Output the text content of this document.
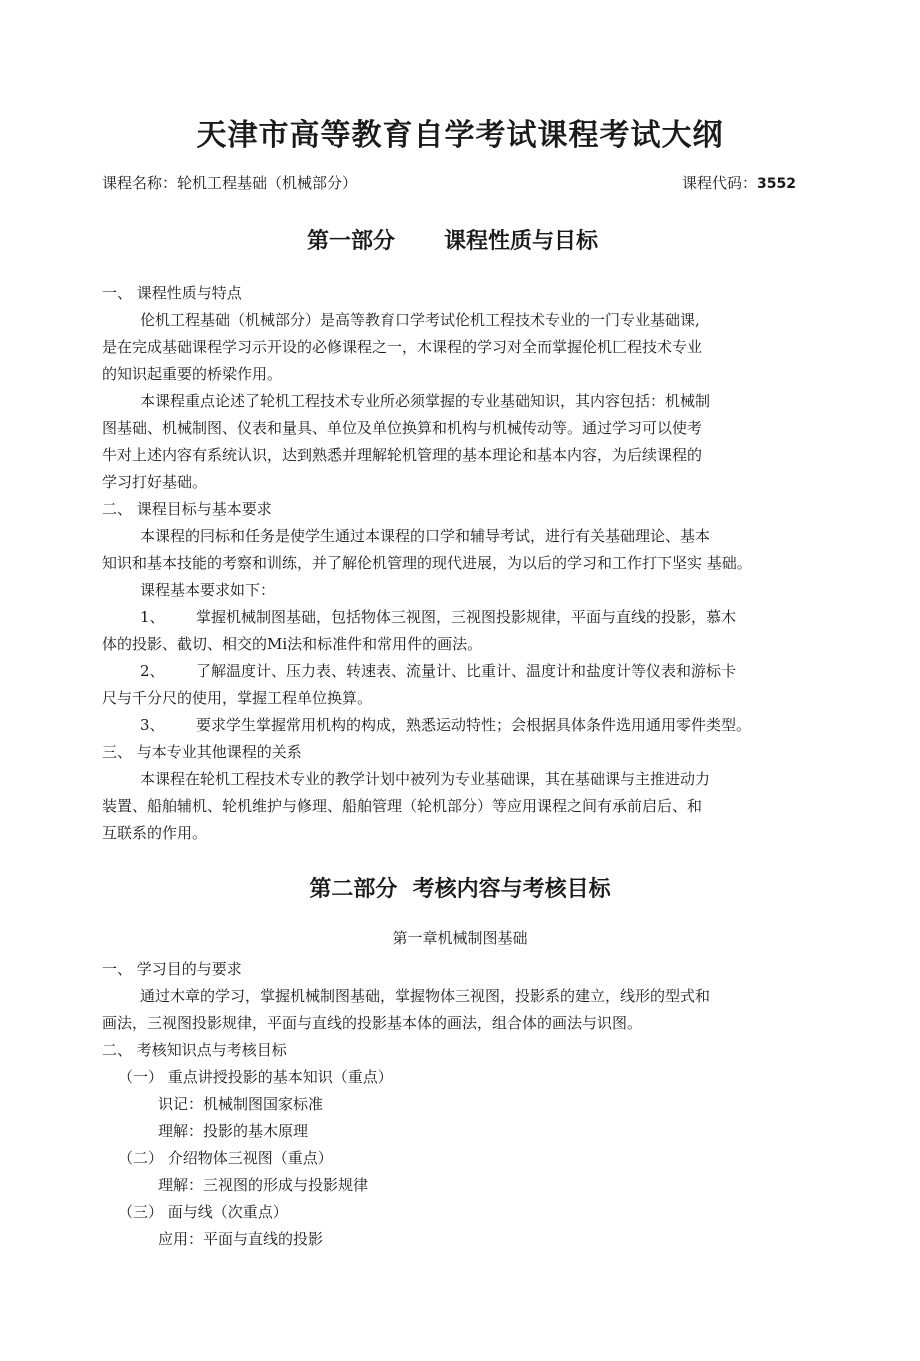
天津市高等教育自学考试课程考试大纲
课程名称：轮机工程基础（机械部分）	课程代码：3552
第一部分 课程性质与目标
一、 课程性质与特点
伦机工程基础（机械部分）是高等教育口学考试伦机工程技术专业的一门专业基础课,
是在完成基础课程学习示开设的必修课程之一，木课程的学习对全而掌握伦机匚程技术专业
的知识起重要的桥梁作用。
本课程重点论述了轮机工程技术专业所必须掌握的专业基础知识，其内容包括：机械制
图基础、机械制图、仪表和量具、单位及单位换算和机构与机械传动等。通过学习可以使考
牛对上述内容有系统认识，达到熟悉并理解轮机管理的基本理论和基本内容，为后续课程的
学习打好基础。
二、 课程目标与基本要求
本课程的冃标和任务是使学生通过本课程的口学和辅导考试，进行有关基础理论、基本
知识和基本技能的考察和训练，并了解伦机管理的现代进展，为以后的学习和工作打下坚实 基础。
课程基本要求如下：
1、 掌握机械制图基础，包括物体三视图，三视图投影规律，平面与直线的投影，慕木
体的投影、截切、相交的Mi法和标准件和常用件的画法。
2、 了解温度计、压力表、转速表、流量计、比重计、温度计和盐度计等仪表和游标卡
尺与千分尺的使用，掌握工程单位换算。
3、 要求学生掌握常用机构的构成，熟悉运动特性；会根据具体条件选用通用零件类型。
三、 与本专业其他课程的关系
本课程在轮机工程技术专业的教学计划中被列为专业基础课，其在基础课与主推进动力
装置、船舶辅机、轮机维护与修理、船舶管理（轮机部分）等应用课程之间有承前启后、和
互联系的作用。
第二部分  考核内容与考核目标
第一章机械制图基础
一、 学习目的与要求
通过木章的学习，掌握机械制图基础，掌握物体三视图，投影系的建立，线形的型式和
画法，三视图投影规律，平面与直线的投影基本体的画法，组合体的画法与识图。
二、 考核知识点与考核目标
（一） 重点讲授投影的基本知识（重点）
识记：机械制图国家标准
理解：投影的基木原理
（二） 介绍物体三视图（重点）
理解：三视图的形成与投影规律
（三） 面与线（次重点）
应用：平面与直线的投影
